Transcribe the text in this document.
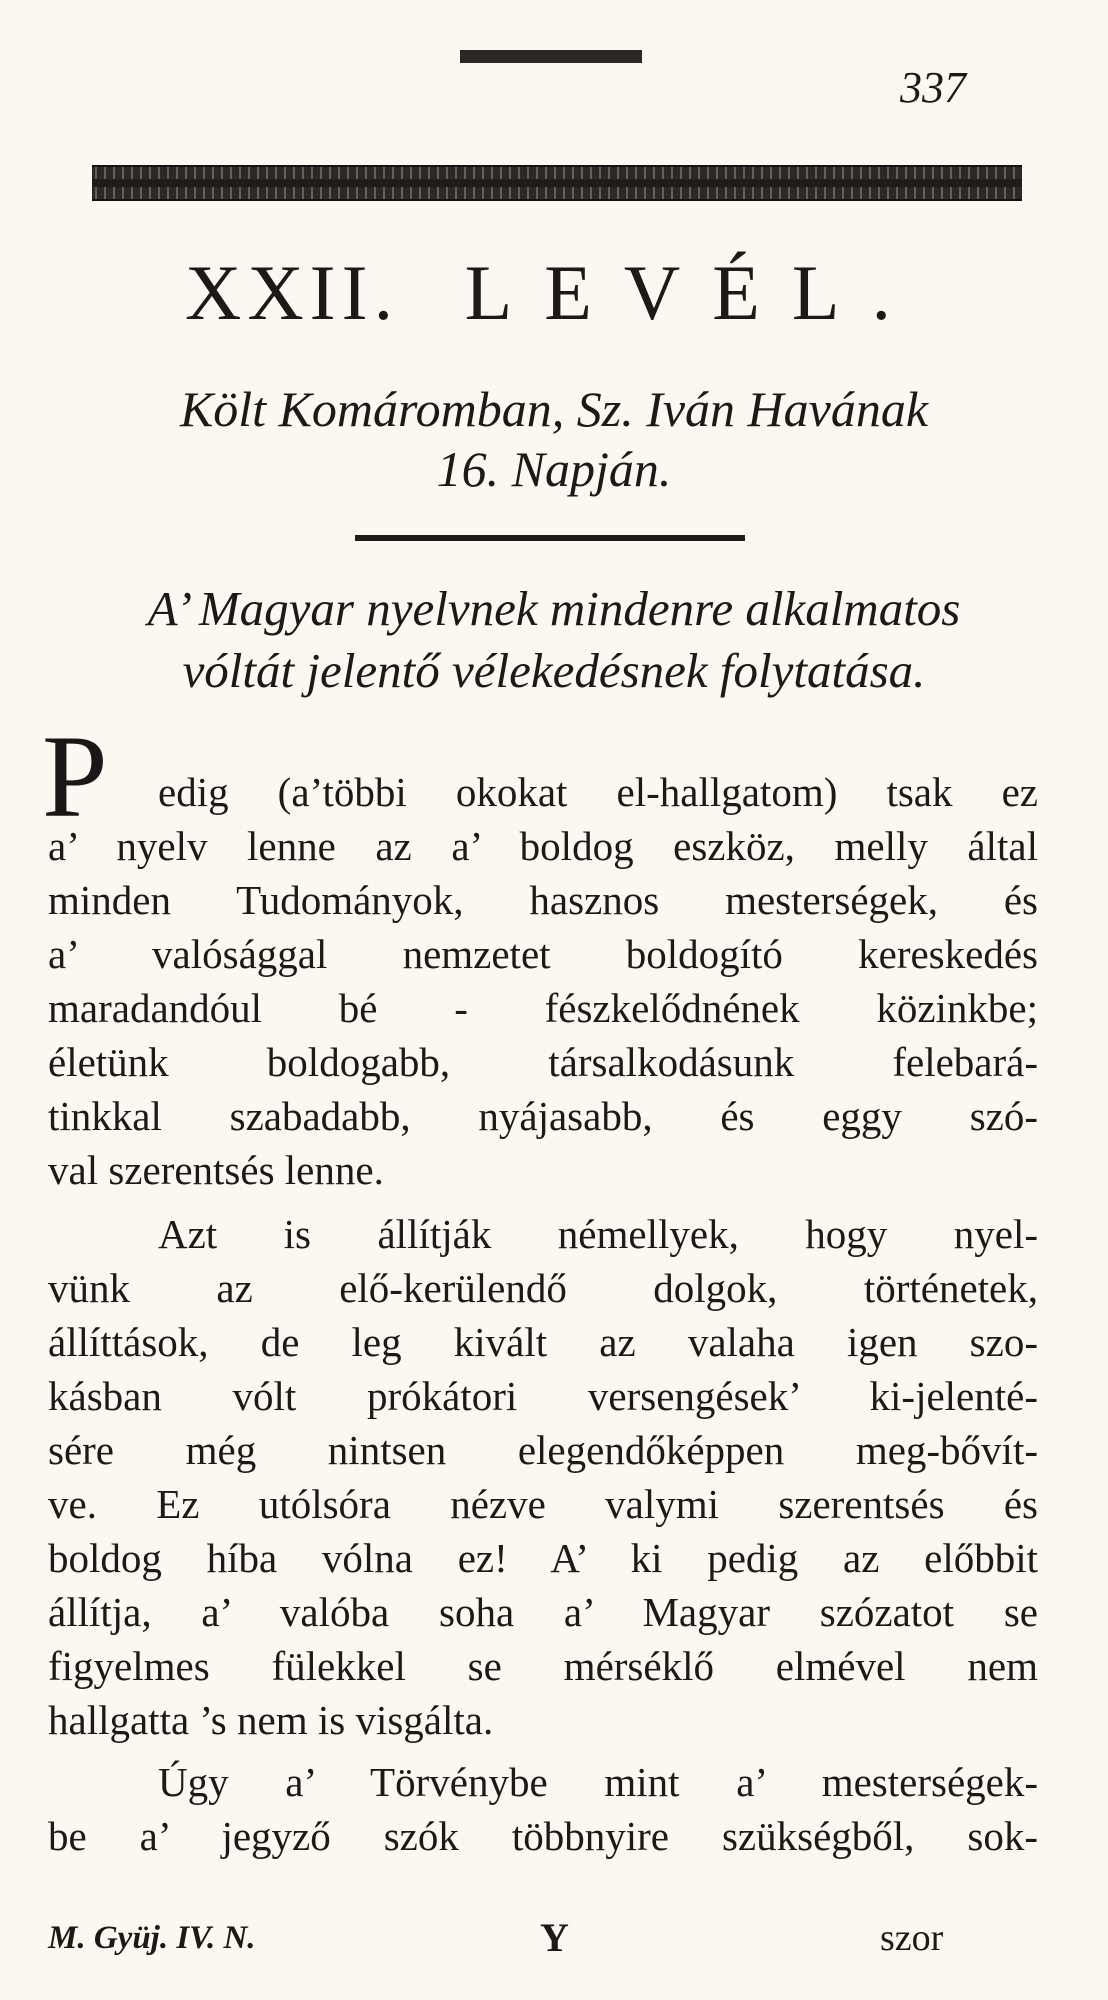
337
XXII. LEVÉL.
Költ Komáromban, Sz. Iván Havának
16. Napján.
A’ Magyar nyelvnek mindenre alkalmatos
vóltát jelentő vélekedésnek folytatása.
P edig (a’többi okokat el-hallgatom) tsak ez
a’ nyelv lenne az a’ boldog eszköz, melly által
minden Tudományok, hasznos mesterségek, és
a’ valósággal nemzetet boldogító kereskedés
maradandóul bé - fészkelődnének közinkbe;
életünk boldogabb, társalkodásunk felebará-
tinkkal szabadabb, nyájasabb, és eggy szó-
val szerentsés lenne.
Azt is állítják némellyek, hogy nyel-
vünk az elő-kerülendő dolgok, történetek,
állíttások, de leg kivált az valaha igen szo-
kásban vólt prókátori versengések’ ki-jelenté-
sére még nintsen elegendőképpen meg-bővít-
ve. Ez utólsóra nézve valymi szerentsés és
boldog híba vólna ez! A’ ki pedig az előbbit
állítja, a’ valóba soha a’ Magyar szózatot se
figyelmes fülekkel se mérséklő elmével nem
hallgatta ’s nem is visgálta.
Úgy a’ Törvénybe mint a’ mesterségek-
be a’ jegyző szók többnyire szükségből, sok-
M. Gyüj. IV. N.	Y	szor
